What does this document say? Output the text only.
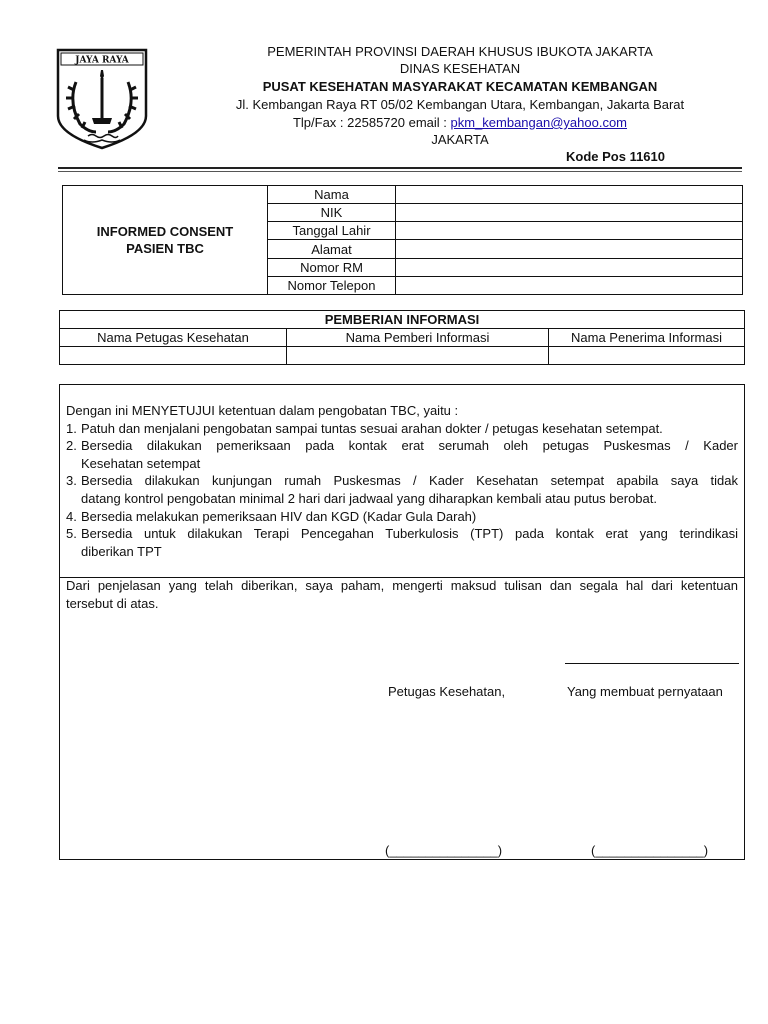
JAYA RAYA
PEMERINTAH PROVINSI DAERAH KHUSUS IBUKOTA JAKARTA
DINAS KESEHATAN
PUSAT KESEHATAN MASYARAKAT KECAMATAN KEMBANGAN
Jl. Kembangan Raya RT 05/02 Kembangan Utara, Kembangan, Jakarta Barat
Tlp/Fax : 22585720 email : pkm_kembangan@yahoo.com
JAKARTA
Kode Pos 11610
INFORMED CONSENT
PASIEN TBC	Nama	
	NIK	
	Tanggal Lahir	
	Alamat	
	Nomor RM	
	Nomor Telepon	
PEMBERIAN INFORMASI		
Nama Petugas Kesehatan	Nama Pemberi Informasi	Nama Penerima Informasi

Dengan ini MENYETUJUI ketentuan dalam pengobatan TBC, yaitu :
1. Patuh dan menjalani pengobatan sampai tuntas sesuai arahan dokter / petugas kesehatan setempat.
2. Bersedia dilakukan pemeriksaan pada kontak erat serumah oleh petugas Puskesmas / Kader
Kesehatan setempat
3. Bersedia dilakukan kunjungan rumah Puskesmas / Kader Kesehatan setempat apabila saya tidak
datang kontrol pengobatan minimal 2 hari dari jadwaal yang diharapkan kembali atau putus berobat.
4. Bersedia melakukan pemeriksaan HIV dan KGD (Kadar Gula Darah)
5. Bersedia untuk dilakukan Terapi Pencegahan Tuberkulosis (TPT) pada kontak erat yang terindikasi
diberikan TPT
Dari penjelasan yang telah diberikan, saya paham, mengerti maksud tulisan dan segala hal dari ketentuan
tersebut di atas.
Petugas Kesehatan,	Yang membuat pernyataan
(_______________)	(_______________)
